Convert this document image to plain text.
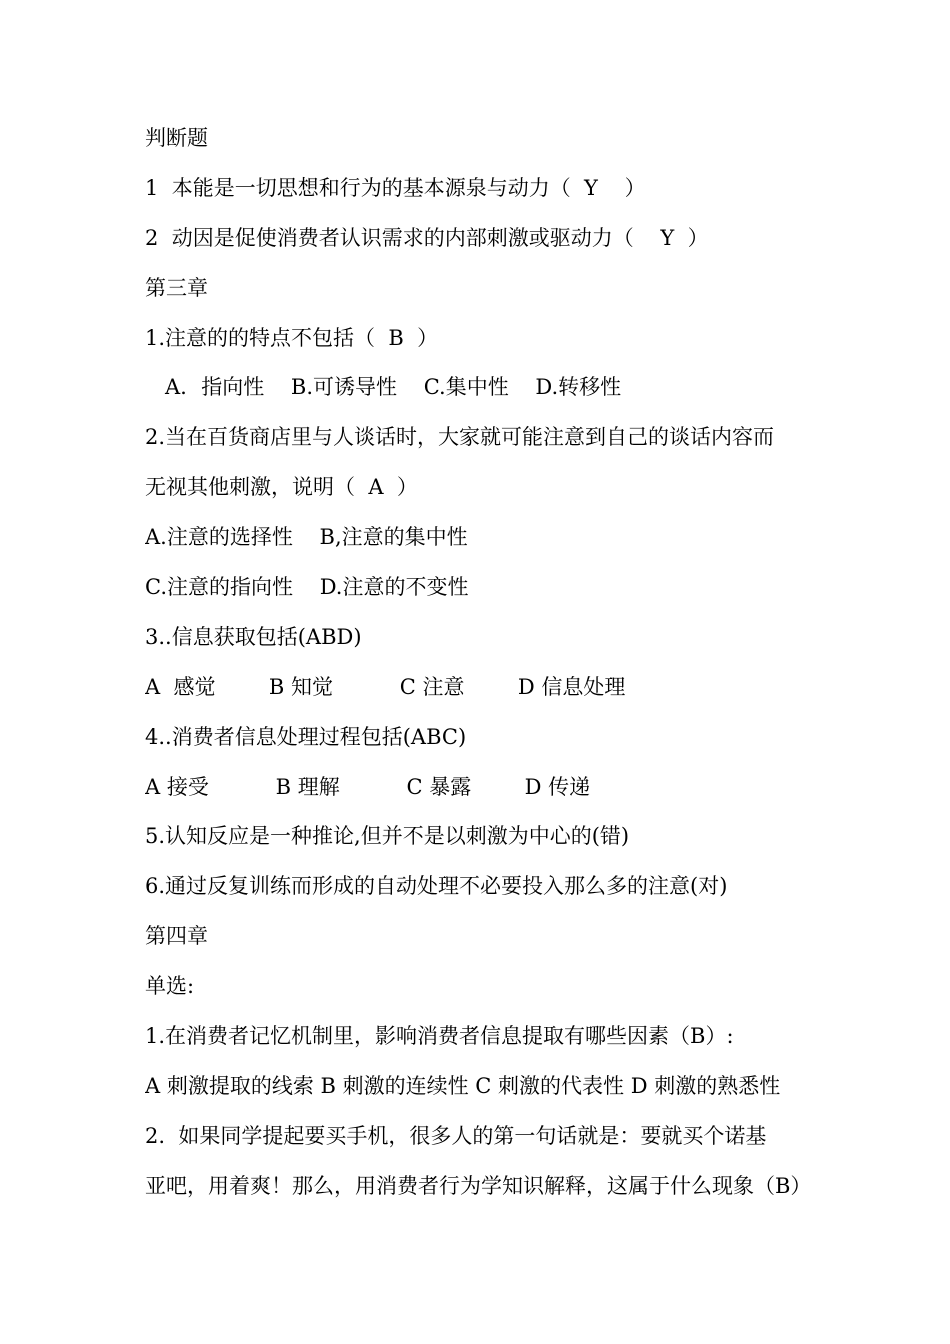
判断题
1  本能是一切思想和行为的基本源泉与动力（  Y    ）
2  动因是促使消费者认识需求的内部刺激或驱动力（    Y  ）
第三章
1.注意的的特点不包括（  B  ）
A．指向性    B.可诱导性    C.集中性    D.转移性
2.当在百货商店里与人谈话时，大家就可能注意到自己的谈话内容而
无视其他刺激，说明（  A  ）
A.注意的选择性    B,注意的集中性
C.注意的指向性    D.注意的不变性
3..信息获取包括(ABD)
A  感觉        B 知觉          C 注意        D 信息处理
4..消费者信息处理过程包括(ABC)
A 接受          B 理解          C 暴露        D 传递
5.认知反应是一种推论,但并不是以刺激为中心的(错)
6.通过反复训练而形成的自动处理不必要投入那么多的注意(对)
第四章
单选:
1.在消费者记忆机制里，影响消费者信息提取有哪些因素（B）:
A 刺激提取的线索 B 刺激的连续性 C 刺激的代表性 D 刺激的熟悉性
2.  如果同学提起要买手机，很多人的第一句话就是：要就买个诺基
亚吧，用着爽！那么，用消费者行为学知识解释，这属于什么现象（B）
